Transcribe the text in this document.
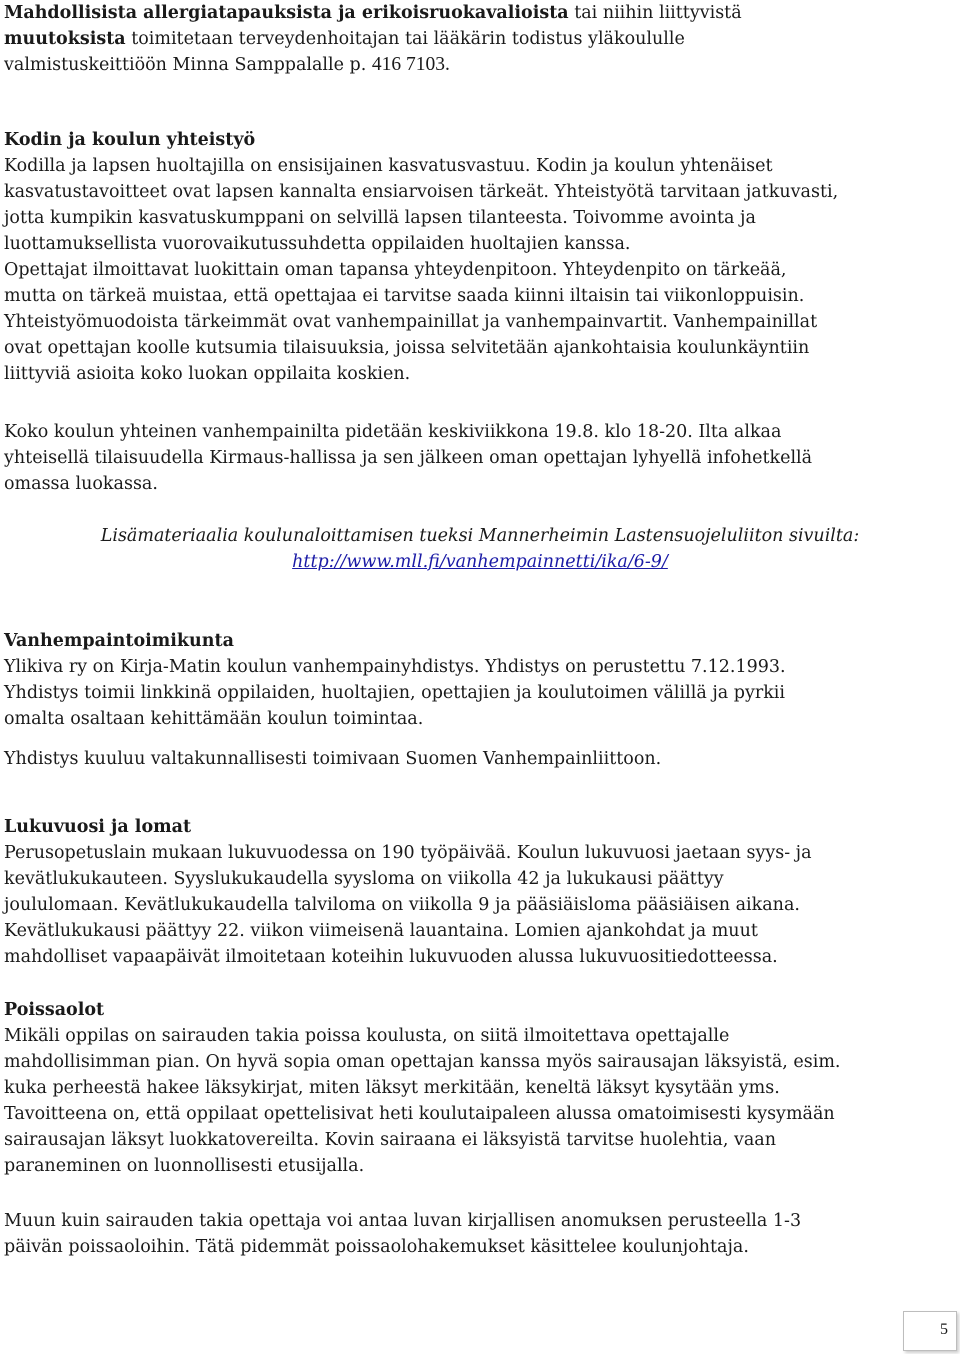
Mahdollisista allergiatapauksista ja erikoisruokavalioista tai niihin liittyvistä
muutoksista toimitetaan terveydenhoitajan tai lääkärin todistus yläkoululle
valmistuskeittiöön Minna Samppalalle p. 416 7103.
Kodin ja koulun yhteistyö
Kodilla ja lapsen huoltajilla on ensisijainen kasvatusvastuu. Kodin ja koulun yhtenäiset
kasvatustavoitteet ovat lapsen kannalta ensiarvoisen tärkeät. Yhteistyötä tarvitaan jatkuvasti,
jotta kumpikin kasvatuskumppani on selvillä lapsen tilanteesta. Toivomme avointa ja
luottamuksellista vuorovaikutussuhdetta oppilaiden huoltajien kanssa.
Opettajat ilmoittavat luokittain oman tapansa yhteydenpitoon. Yhteydenpito on tärkeää,
mutta on tärkeä muistaa, että opettajaa ei tarvitse saada kiinni iltaisin tai viikonloppuisin.
Yhteistyömuodoista tärkeimmät ovat vanhempainillat ja vanhempainvartit. Vanhempainillat
ovat opettajan koolle kutsumia tilaisuuksia, joissa selvitetään ajankohtaisia koulunkäyntiin
liittyviä asioita koko luokan oppilaita koskien.
Koko koulun yhteinen vanhempainilta pidetään keskiviikkona 19.8. klo 18-20. Ilta alkaa
yhteisellä tilaisuudella Kirmaus-hallissa ja sen jälkeen oman opettajan lyhyellä infohetkellä
omassa luokassa.
Lisämateriaalia koulunaloittamisen tueksi Mannerheimin Lastensuojeluliiton sivuilta:
http://www.mll.fi/vanhempainnetti/ika/6-9/
Vanhempaintoimikunta
Ylikiva ry on Kirja-Matin koulun vanhempainyhdistys. Yhdistys on perustettu 7.12.1993.
Yhdistys toimii linkkinä oppilaiden, huoltajien, opettajien ja koulutoimen välillä ja pyrkii
omalta osaltaan kehittämään koulun toimintaa.
Yhdistys kuuluu valtakunnallisesti toimivaan Suomen Vanhempainliittoon.
Lukuvuosi ja lomat
Perusopetuslain mukaan lukuvuodessa on 190 työpäivää. Koulun lukuvuosi jaetaan syys- ja
kevätlukukauteen. Syyslukukaudella syysloma on viikolla 42 ja lukukausi päättyy
joululomaan. Kevätlukukaudella talviloma on viikolla 9 ja pääsiäisloma pääsiäisen aikana.
Kevätlukukausi päättyy 22. viikon viimeisenä lauantaina. Lomien ajankohdat ja muut
mahdolliset vapaapäivät ilmoitetaan koteihin lukuvuoden alussa lukuvuositiedotteessa.
Poissaolot
Mikäli oppilas on sairauden takia poissa koulusta, on siitä ilmoitettava opettajalle
mahdollisimman pian. On hyvä sopia oman opettajan kanssa myös sairausajan läksyistä, esim.
kuka perheestä hakee läksykirjat, miten läksyt merkitään, keneltä läksyt kysytään yms.
Tavoitteena on, että oppilaat opettelisivat heti koulutaipaleen alussa omatoimisesti kysymään
sairausajan läksyt luokkatovereilta. Kovin sairaana ei läksyistä tarvitse huolehtia, vaan
paraneminen on luonnollisesti etusijalla.
Muun kuin sairauden takia opettaja voi antaa luvan kirjallisen anomuksen perusteella 1-3
päivän poissaoloihin. Tätä pidemmät poissaolohakemukset käsittelee koulunjohtaja.
5
